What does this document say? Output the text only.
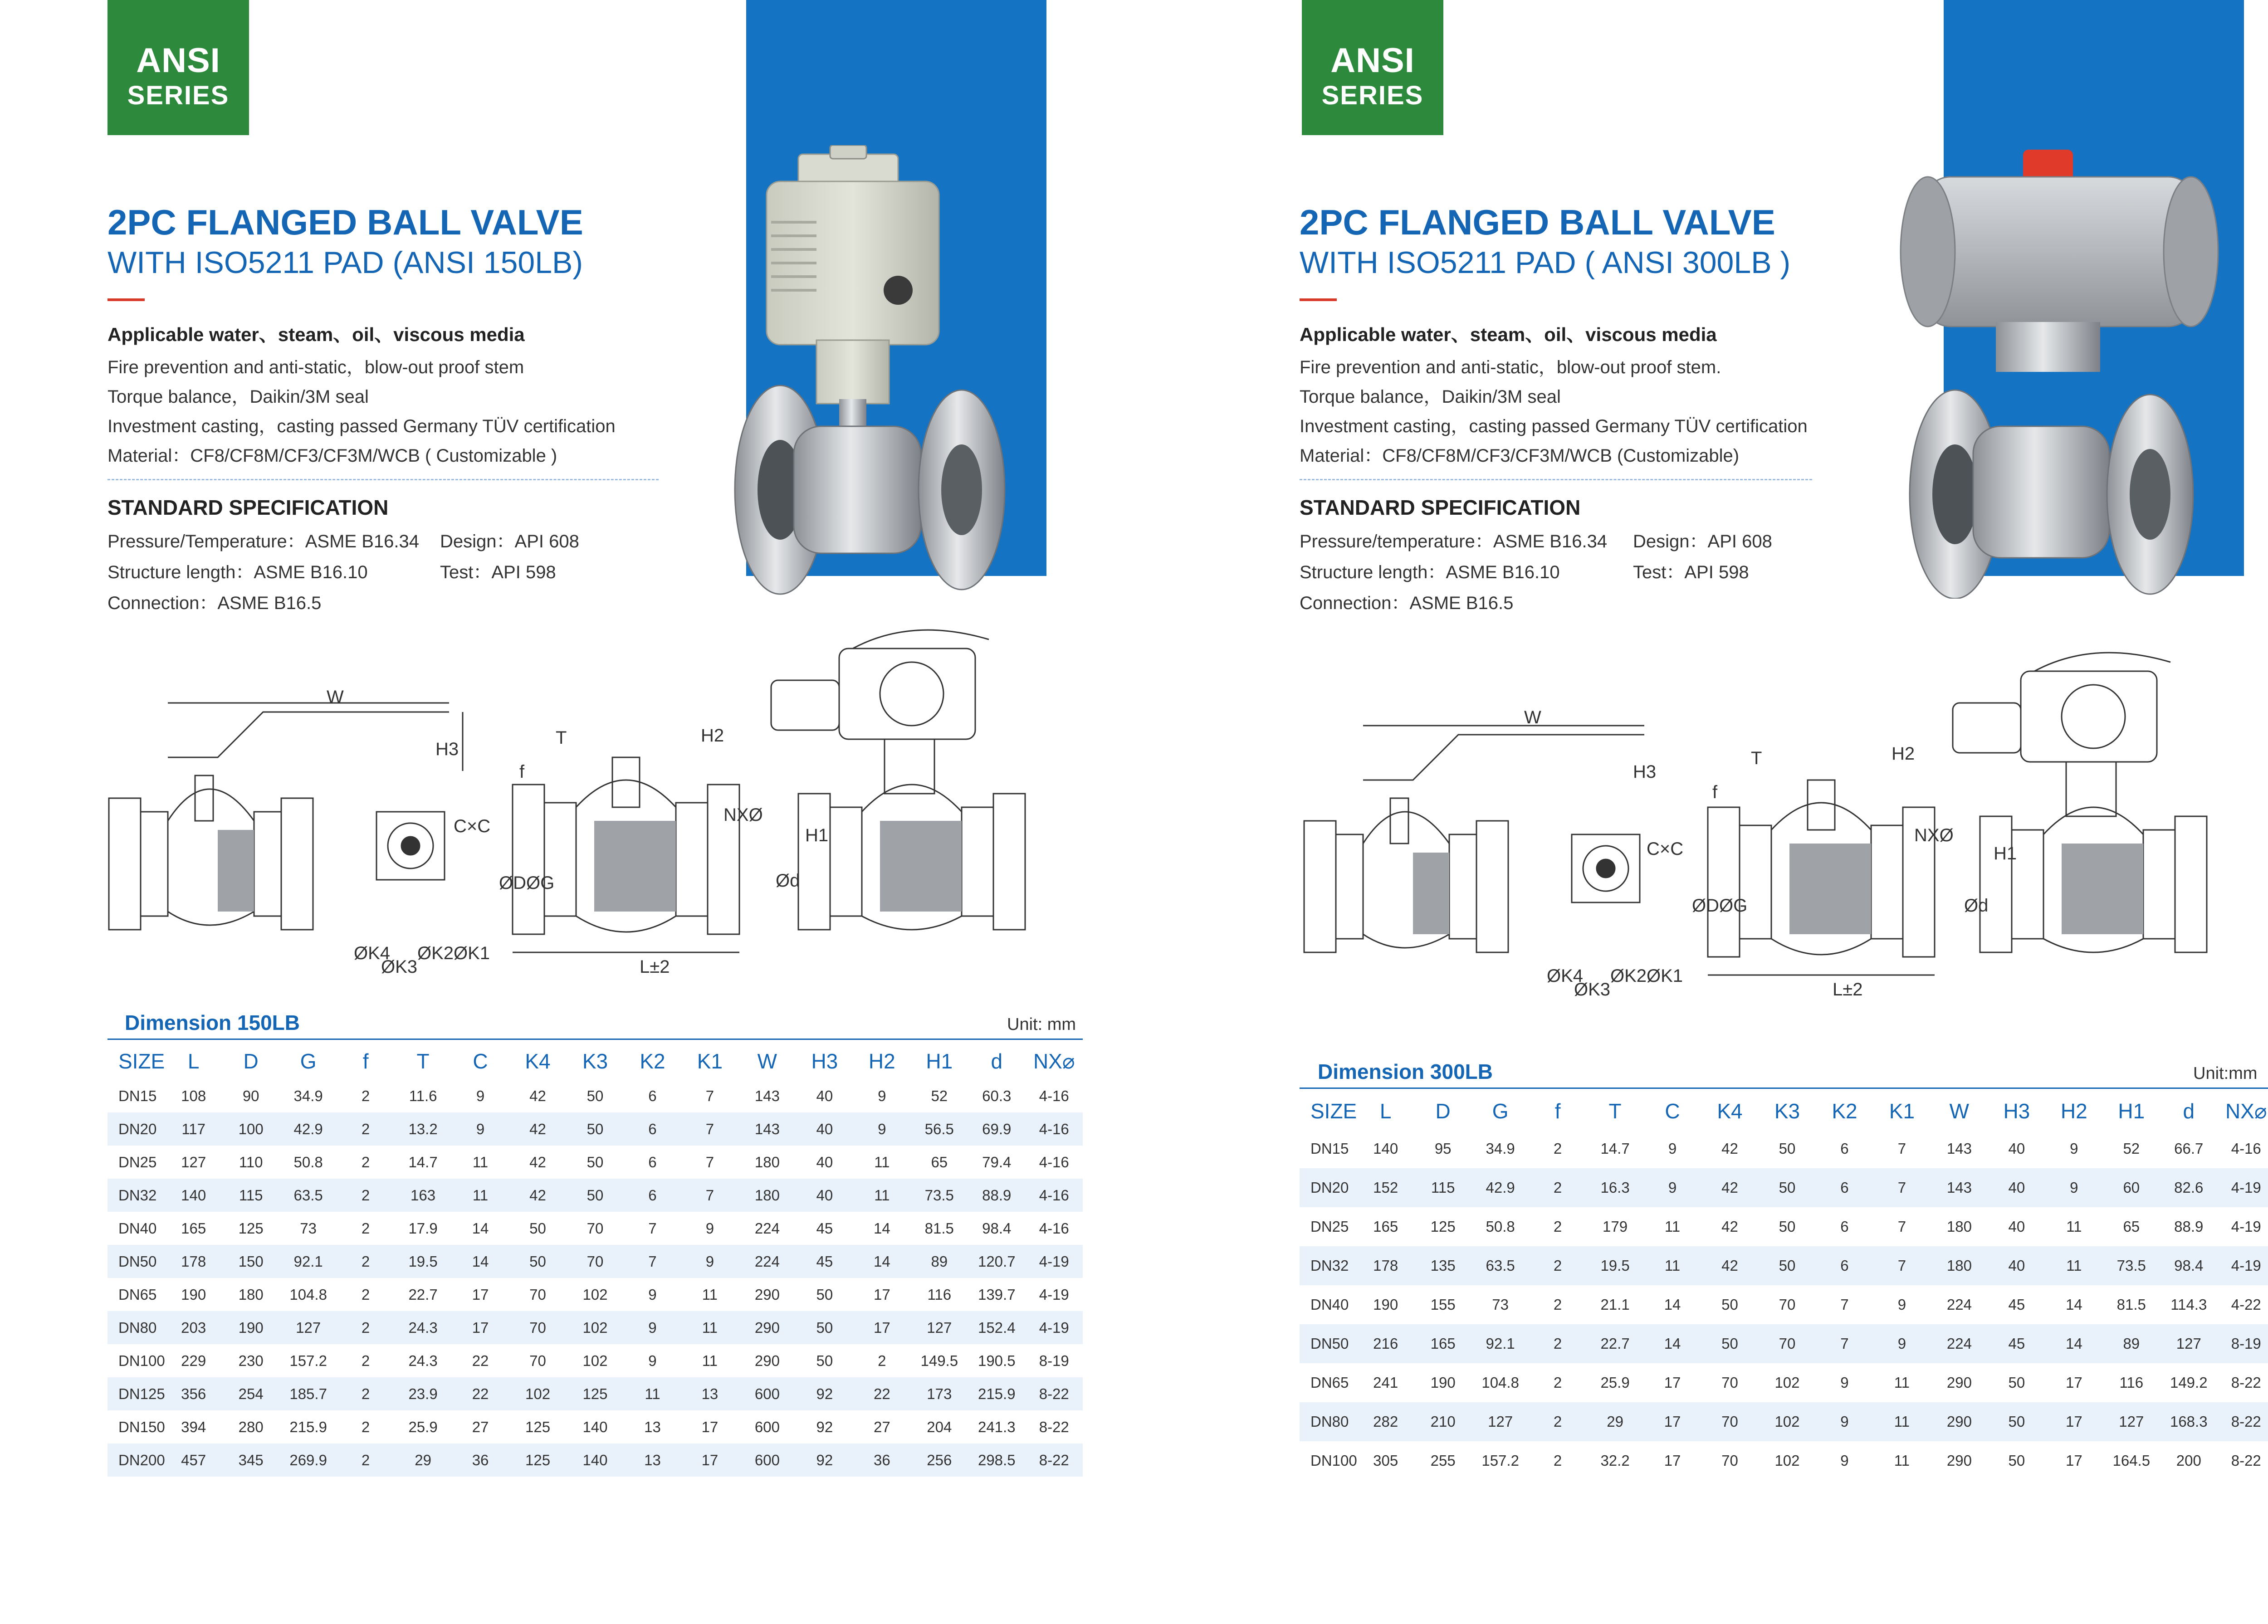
ANSI
SERIES
2PC FLANGED BALL VALVE
WITH ISO5211 PAD (ANSI 150LB)
Applicable water、steam、oil、viscous media
Fire prevention and anti-static，blow-out proof stem
Torque balance，Daikin/3M seal
Investment casting，casting passed Germany TÜV certification
Material：CF8/CF8M/CF3/CF3M/WCB ( Customizable )
STANDARD SPECIFICATION
Pressure/Temperature：ASME B16.34 Design：API 608
Structure length：ASME B16.10	Test：API 598
Connection：ASME B16.5
W
H3
T
f
H2
NXØ
H1
ØD ØG	Ød
L±2
C×C
ØK4
ØK3
ØK2 ØK1
Dimension 150LB	Unit: mm
SIZE	L	D	G	f	T	C	K4	K3	K2	K1	W	H3	H2	H1	d	NX⌀
DN15	108	90	34.9	2	11.6	9	42	50	6	7	143	40	9	52	60.3	4-16
DN20	117	100	42.9	2	13.2	9	42	50	6	7	143	40	9	56.5	69.9	4-16
DN25	127	110	50.8	2	14.7	11	42	50	6	7	180	40	11	65	79.4	4-16
DN32	140	115	63.5	2	163	11	42	50	6	7	180	40	11	73.5	88.9	4-16
DN40	165	125	73	2	17.9	14	50	70	7	9	224	45	14	81.5	98.4	4-16
DN50	178	150	92.1	2	19.5	14	50	70	7	9	224	45	14	89	120.7	4-19
DN65	190	180	104.8	2	22.7	17	70	102	9	11	290	50	17	116	139.7	4-19
DN80	203	190	127	2	24.3	17	70	102	9	11	290	50	17	127	152.4	4-19
DN100	229	230	157.2	2	24.3	22	70	102	9	11	290	50	2	149.5	190.5	8-19
DN125	356	254	185.7	2	23.9	22	102	125	11	13	600	92	22	173	215.9	8-22
DN150	394	280	215.9	2	25.9	27	125	140	13	17	600	92	27	204	241.3	8-22
DN200	457	345	269.9	2	29	36	125	140	13	17	600	92	36	256	298.5	8-22
ANSI
SERIES
2PC FLANGED BALL VALVE
WITH ISO5211 PAD ( ANSI 300LB )
Applicable water、steam、oil、viscous media
Fire prevention and anti-static，blow-out proof stem.
Torque balance，Daikin/3M seal
Investment casting，casting passed Germany TÜV certification
Material：CF8/CF8M/CF3/CF3M/WCB (Customizable)
STANDARD SPECIFICATION
Pressure/temperature：ASME B16.34 Design：API 608
Structure length：ASME B16.10	Test：API 598
Connection：ASME B16.5
W
H3
T
f
H2
NXØ
H1
ØD ØG	Ød
L±2
C×C
ØK4
ØK3
ØK2 ØK1
Dimension 300LB	Unit:mm
SIZE	L	D	G	f	T	C	K4	K3	K2	K1	W	H3	H2	H1	d	NX⌀
DN15	140	95	34.9	2	14.7	9	42	50	6	7	143	40	9	52	66.7	4-16
DN20	152	115	42.9	2	16.3	9	42	50	6	7	143	40	9	60	82.6	4-19
DN25	165	125	50.8	2	179	11	42	50	6	7	180	40	11	65	88.9	4-19
DN32	178	135	63.5	2	19.5	11	42	50	6	7	180	40	11	73.5	98.4	4-19
DN40	190	155	73	2	21.1	14	50	70	7	9	224	45	14	81.5	114.3	4-22
DN50	216	165	92.1	2	22.7	14	50	70	7	9	224	45	14	89	127	8-19
DN65	241	190	104.8	2	25.9	17	70	102	9	11	290	50	17	116	149.2	8-22
DN80	282	210	127	2	29	17	70	102	9	11	290	50	17	127	168.3	8-22
DN100	305	255	157.2	2	32.2	17	70	102	9	11	290	50	17	164.5	200	8-22
